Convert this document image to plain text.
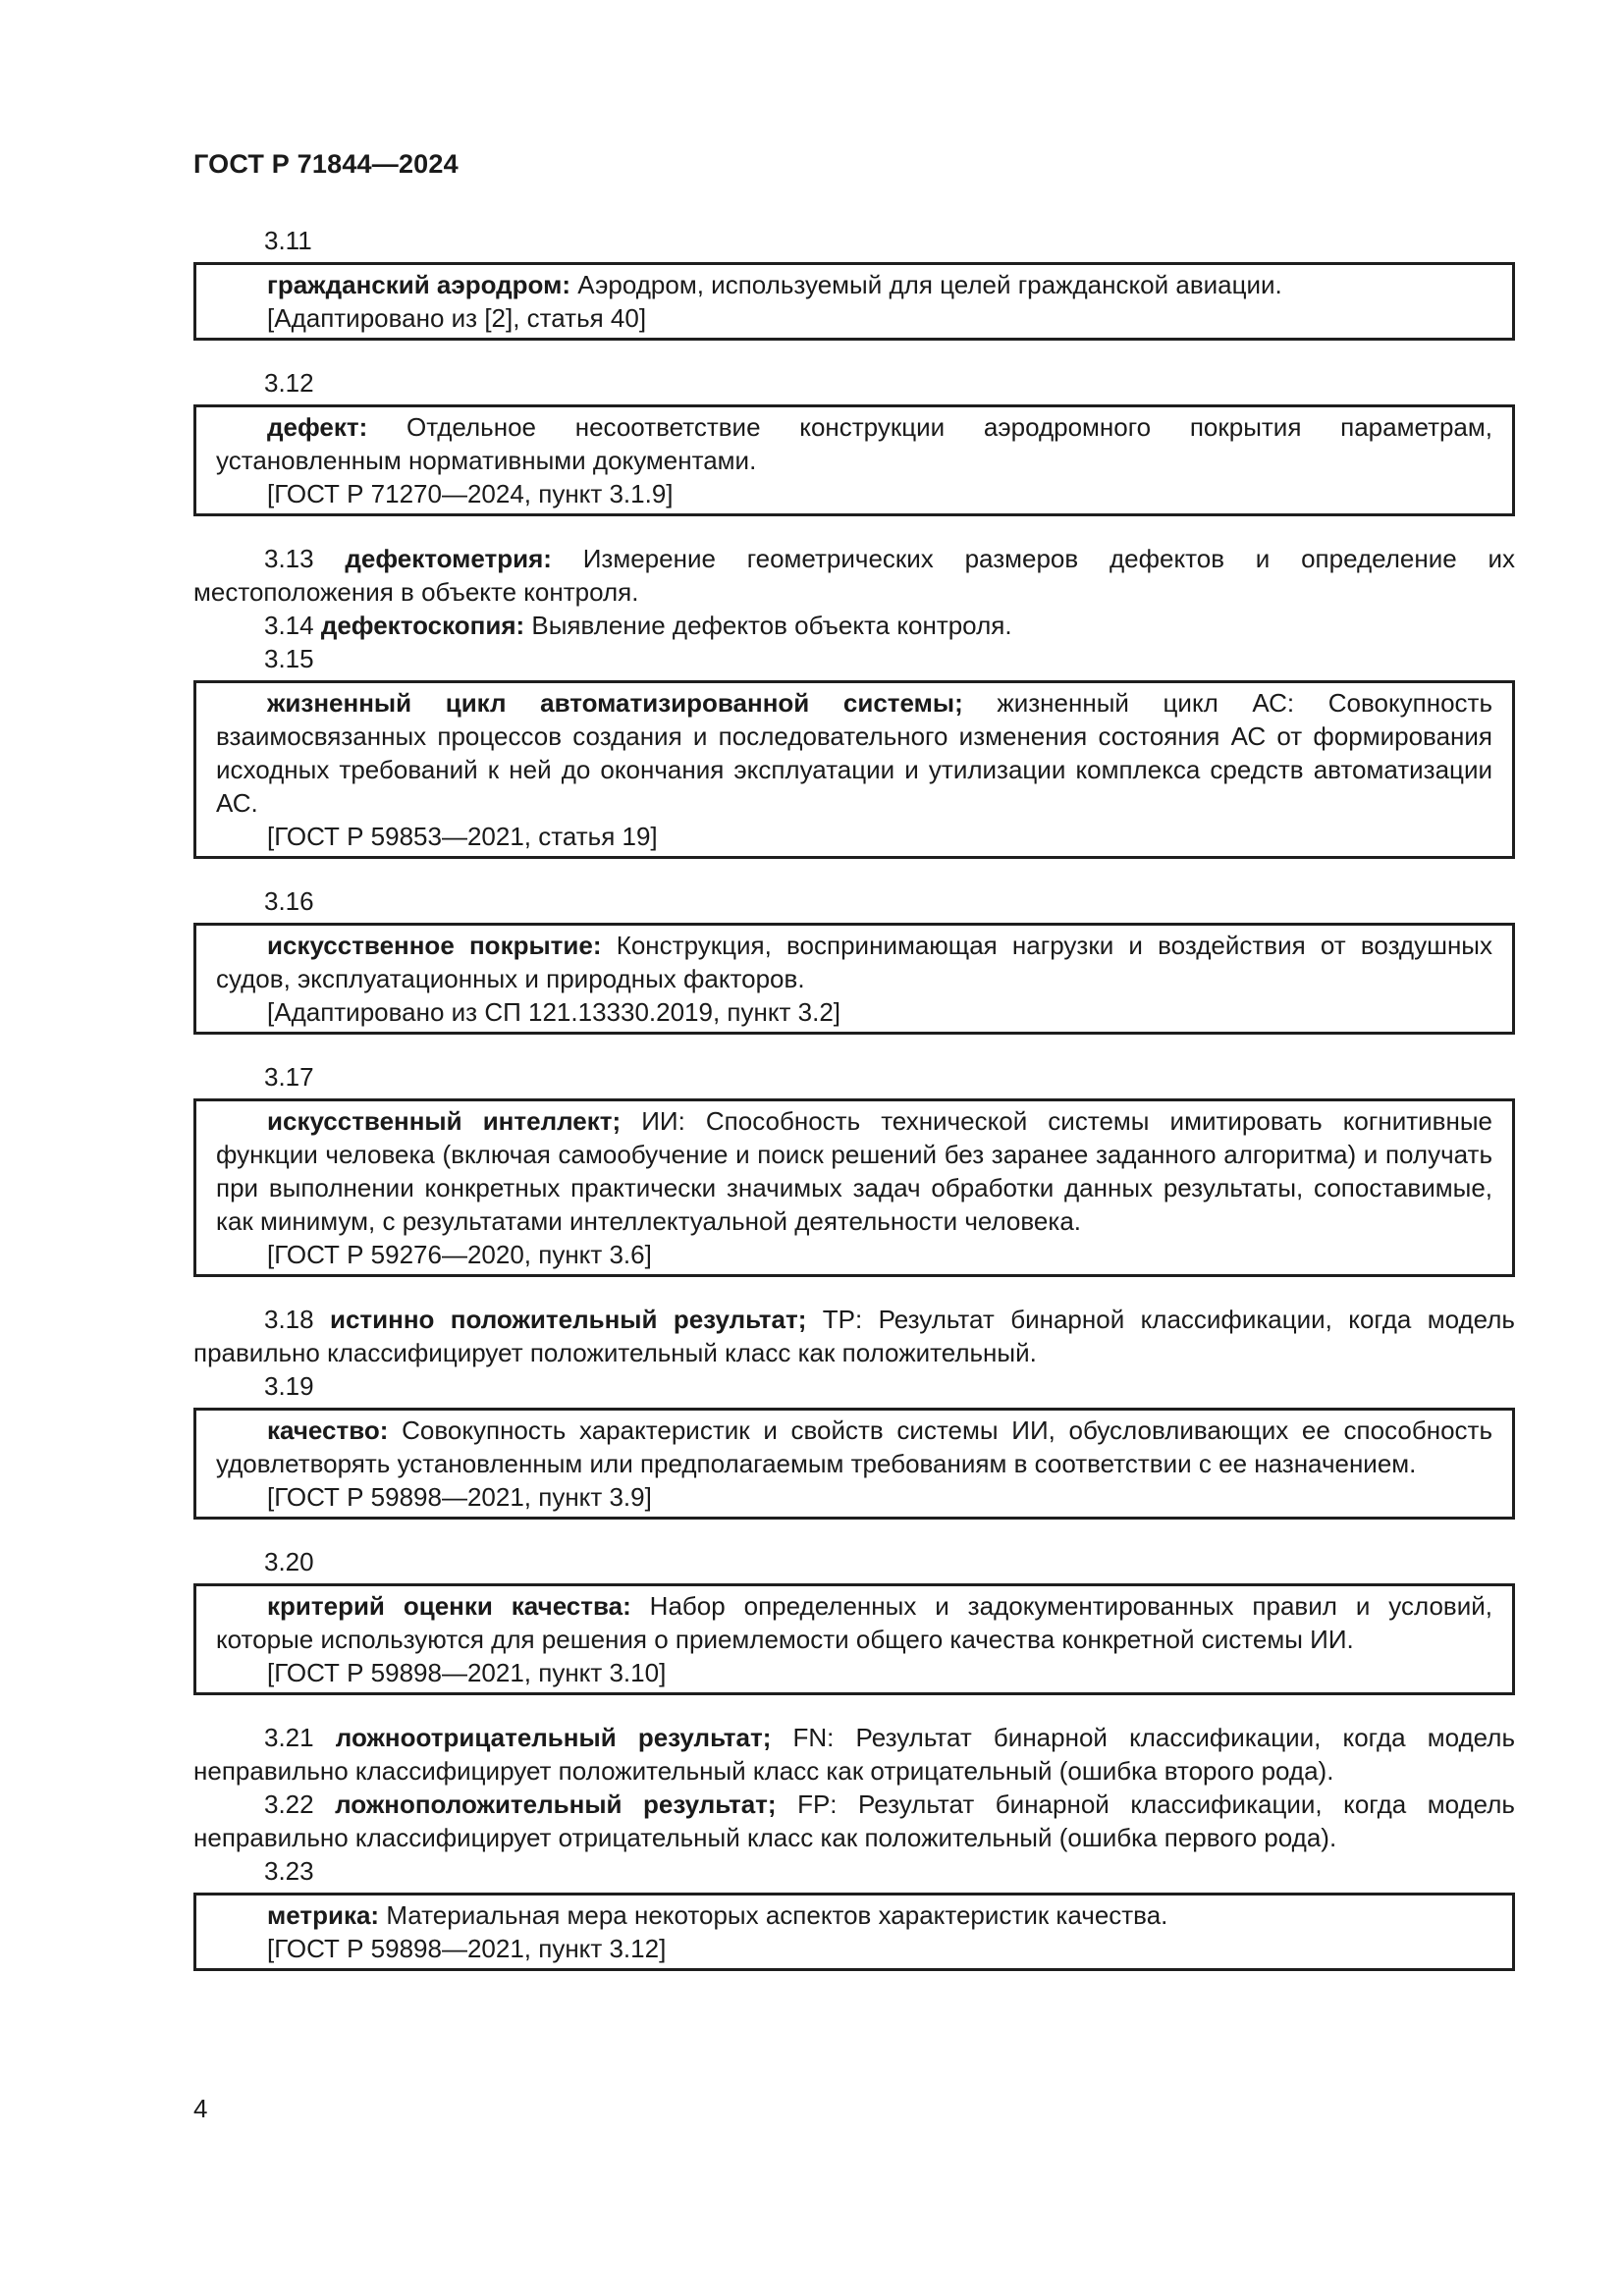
ГОСТ Р 71844—2024
3.11
гражданский аэродром: Аэродром, используемый для целей гражданской авиации.
[Адаптировано из [2], статья 40]
3.12
дефект: Отдельное несоответствие конструкции аэродромного покрытия параметрам, установленным нормативными документами.
[ГОСТ Р 71270—2024, пункт 3.1.9]
3.13 дефектометрия: Измерение геометрических размеров дефектов и определение их местоположения в объекте контроля.
3.14 дефектоскопия: Выявление дефектов объекта контроля.
3.15
жизненный цикл автоматизированной системы; жизненный цикл АС: Совокупность взаимосвязанных процессов создания и последовательного изменения состояния АС от формирования исходных требований к ней до окончания эксплуатации и утилизации комплекса средств автоматизации АС.
[ГОСТ Р 59853—2021, статья 19]
3.16
искусственное покрытие: Конструкция, воспринимающая нагрузки и воздействия от воздушных судов, эксплуатационных и природных факторов.
[Адаптировано из СП 121.13330.2019, пункт 3.2]
3.17
искусственный интеллект; ИИ: Способность технической системы имитировать когнитивные функции человека (включая самообучение и поиск решений без заранее заданного алгоритма) и получать при выполнении конкретных практически значимых задач обработки данных результаты, сопоставимые, как минимум, с результатами интеллектуальной деятельности человека.
[ГОСТ Р 59276—2020, пункт 3.6]
3.18 истинно положительный результат; TP: Результат бинарной классификации, когда модель правильно классифицирует положительный класс как положительный.
3.19
качество: Совокупность характеристик и свойств системы ИИ, обусловливающих ее способность удовлетворять установленным или предполагаемым требованиям в соответствии с ее назначением.
[ГОСТ Р 59898—2021, пункт 3.9]
3.20
критерий оценки качества: Набор определенных и задокументированных правил и условий, которые используются для решения о приемлемости общего качества конкретной системы ИИ.
[ГОСТ Р 59898—2021, пункт 3.10]
3.21 ложноотрицательный результат; FN: Результат бинарной классификации, когда модель неправильно классифицирует положительный класс как отрицательный (ошибка второго рода).
3.22 ложноположительный результат; FP: Результат бинарной классификации, когда модель неправильно классифицирует отрицательный класс как положительный (ошибка первого рода).
3.23
метрика: Материальная мера некоторых аспектов характеристик качества.
[ГОСТ Р 59898—2021, пункт 3.12]
4
